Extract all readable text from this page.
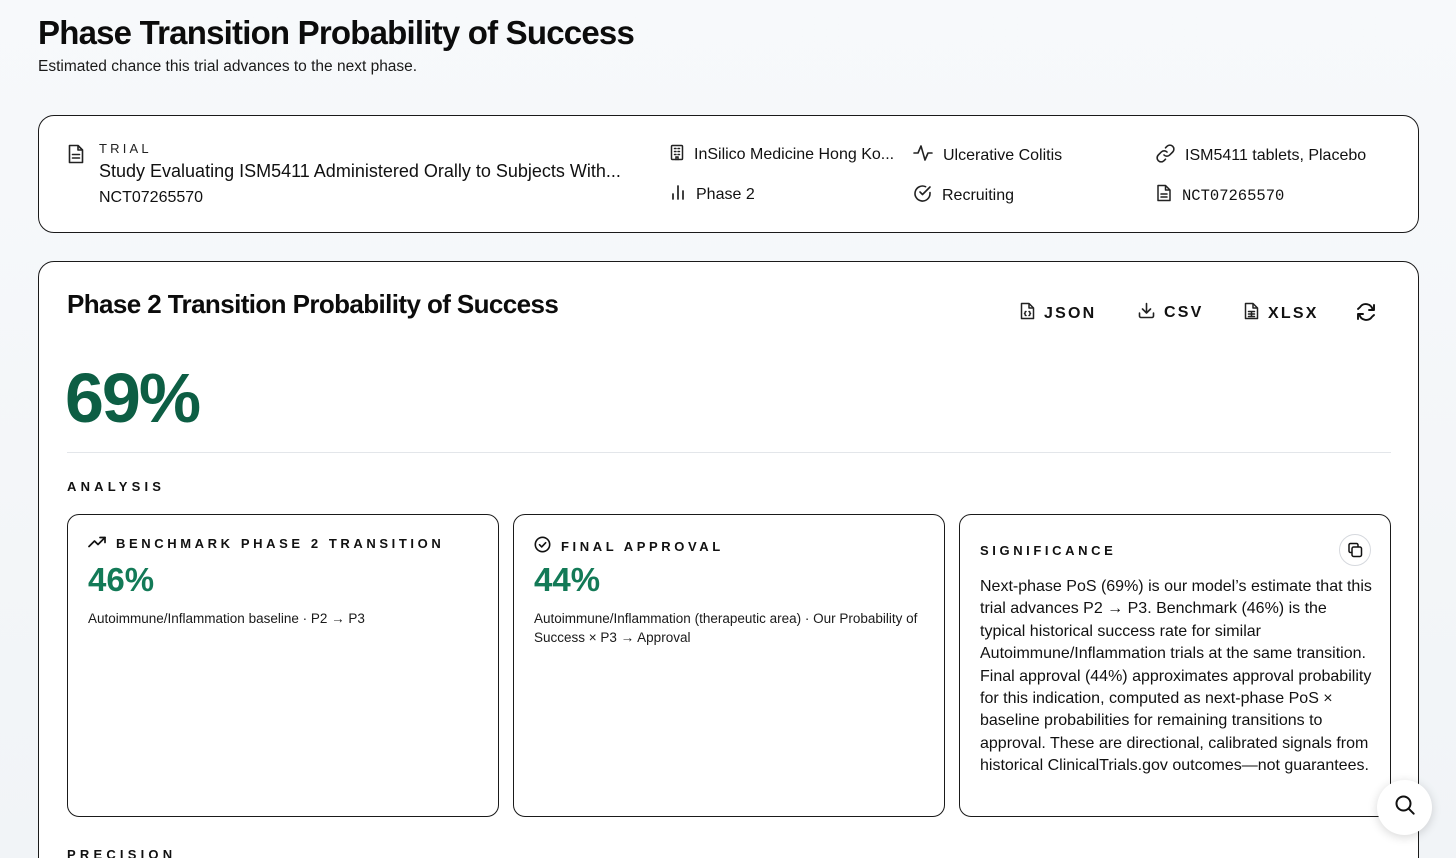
Phase Transition Probability of Success

Estimated chance this trial advances to the next phase.

TRIAL
Study Evaluating ISM5411 Administered Orally to Subjects With...
NCT07265570
InSilico Medicine Hong Ko...
Phase 2
Ulcerative Colitis
Recruiting
ISM5411 tablets, Placebo
NCT07265570
Phase 2 Transition Probability of Success	JSON	CSV	XLSX
69%
ANALYSIS
BENCHMARK PHASE 2 TRANSITION
46%
Autoimmune/Inflammation baseline · P2 → P3
FINAL APPROVAL
44%
Autoimmune/Inflammation (therapeutic area) · Our Probability of Success × P3 → Approval
SIGNIFICANCE
Next-phase PoS (69%) is our model’s estimate that this trial advances P2 → P3. Benchmark (46%) is the typical historical success rate for similar Autoimmune/Inflammation trials at the same transition. Final approval (44%) approximates approval probability for this indication, computed as next-phase PoS × baseline probabilities for remaining transitions to approval. These are directional, calibrated signals from historical ClinicalTrials.gov outcomes—not guarantees.
PRECISION
